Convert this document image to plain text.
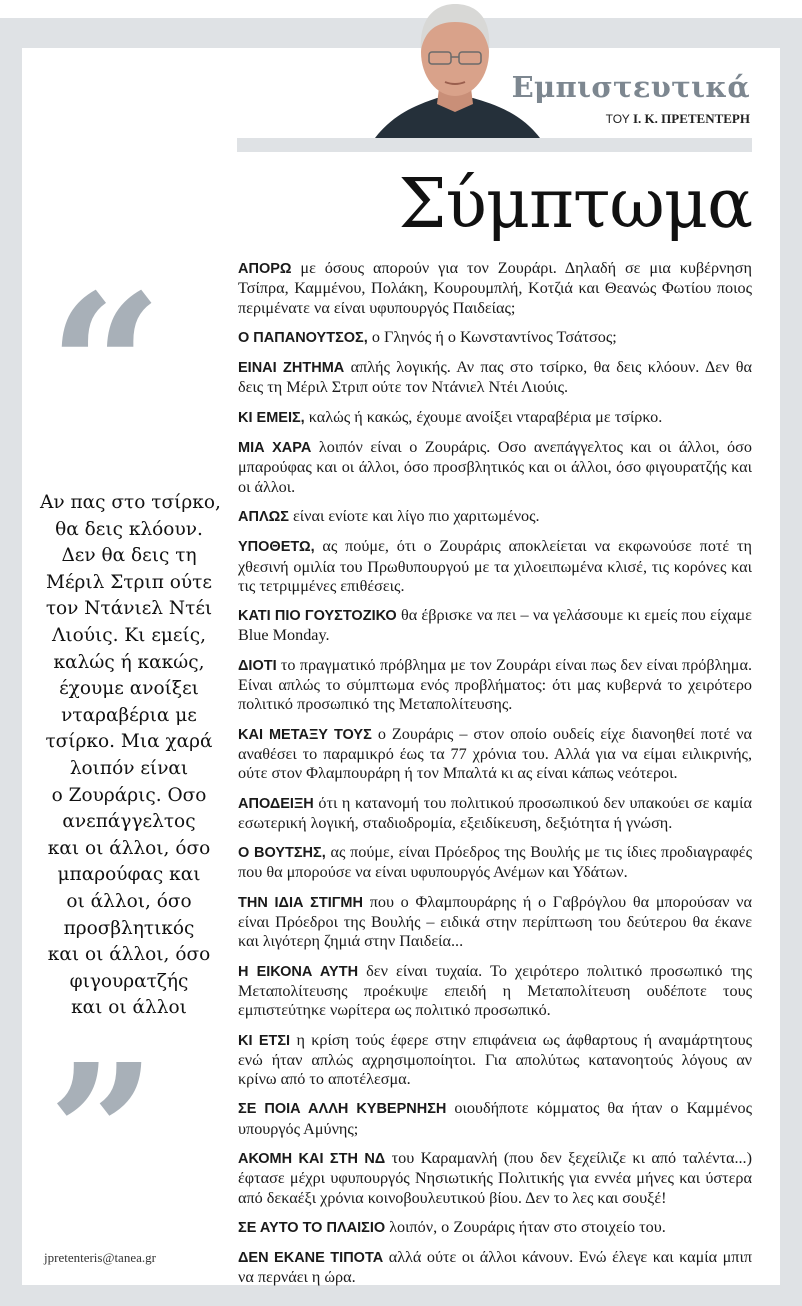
Εμπιστευτικά
ΤΟΥ Ι. Κ. ΠΡΕΤΕΝΤΕΡΗ
Σύμπτωμα

ΑΠΟΡΩ με όσους απορούν για τον Ζουράρι. Δηλαδή σε μια κυβέρνηση Τσίπρα, Καμμένου, Πολάκη, Κουρουμπλή, Κοτζιά και Θεανώς Φωτίου ποιος περιμένατε να είναι υφυπουργός Παιδείας;

Ο ΠΑΠΑΝΟΥΤΣΟΣ, ο Γληνός ή ο Κωνσταντίνος Τσάτσος;

ΕΙΝΑΙ ΖΗΤΗΜΑ απλής λογικής. Αν πας στο τσίρκο, θα δεις κλόουν. Δεν θα δεις τη Μέριλ Στριπ ούτε τον Ντάνιελ Ντέι Λιούις.

ΚΙ ΕΜΕΙΣ, καλώς ή κακώς, έχουμε ανοίξει νταραβέρια με τσίρκο.

ΜΙΑ ΧΑΡΑ λοιπόν είναι ο Ζουράρις. Οσο ανεπάγγελτος και οι άλλοι, όσο μπαρούφας και οι άλλοι, όσο προσβλητικός και οι άλλοι, όσο φιγουρατζής και οι άλλοι.

ΑΠΛΩΣ είναι ενίοτε και λίγο πιο χαριτωμένος.

ΥΠΟΘΕΤΩ, ας πούμε, ότι ο Ζουράρις αποκλείεται να εκφωνούσε ποτέ τη χθεσινή ομιλία του Πρωθυπουργού με τα χιλοειπωμένα κλισέ, τις κορόνες και τις τετριμμένες επιθέσεις.

ΚΑΤΙ ΠΙΟ ΓΟΥΣΤΟΖΙΚΟ θα έβρισκε να πει – να γελάσουμε κι εμείς που είχαμε Blue Monday.

ΔΙΟΤΙ το πραγματικό πρόβλημα με τον Ζουράρι είναι πως δεν είναι πρόβλημα. Είναι απλώς το σύμπτωμα ενός προβλήματος: ότι μας κυβερνά το χειρότερο πολιτικό προσωπικό της Μεταπολίτευσης.

ΚΑΙ ΜΕΤΑΞΥ ΤΟΥΣ ο Ζουράρις – στον οποίο ουδείς είχε διανοηθεί ποτέ να αναθέσει το παραμικρό έως τα 77 χρόνια του. Αλλά για να είμαι ειλικρινής, ούτε στον Φλαμπουράρη ή τον Μπαλτά κι ας είναι κάπως νεότεροι.

ΑΠΟΔΕΙΞΗ ότι η κατανομή του πολιτικού προσωπικού δεν υπακούει σε καμία εσωτερική λογική, σταδιοδρομία, εξειδίκευση, δεξιότητα ή γνώση.

Ο ΒΟΥΤΣΗΣ, ας πούμε, είναι Πρόεδρος της Βουλής με τις ίδιες προδιαγραφές που θα μπορούσε να είναι υφυπουργός Ανέμων και Υδάτων.

ΤΗΝ ΙΔΙΑ ΣΤΙΓΜΗ που ο Φλαμπουράρης ή ο Γαβρόγλου θα μπορούσαν να είναι Πρόεδροι της Βουλής – ειδικά στην περίπτωση του δεύτερου θα έκανε και λιγότερη ζημιά στην Παιδεία...

Η ΕΙΚΟΝΑ ΑΥΤΗ δεν είναι τυχαία. Το χειρότερο πολιτικό προσωπικό της Μεταπολίτευσης προέκυψε επειδή η Μεταπολίτευση ουδέποτε τους εμπιστεύτηκε νωρίτερα ως πολιτικό προσωπικό.

ΚΙ ΕΤΣΙ η κρίση τούς έφερε στην επιφάνεια ως άφθαρτους ή αναμάρτητους ενώ ήταν απλώς αχρησιμοποίητοι. Για απολύτως κατανοητούς λόγους αν κρίνω από το αποτέλεσμα.

ΣΕ ΠΟΙΑ ΑΛΛΗ ΚΥΒΕΡΝΗΣΗ οιουδήποτε κόμματος θα ήταν ο Καμμένος υπουργός Αμύνης;

ΑΚΟΜΗ ΚΑΙ ΣΤΗ ΝΔ του Καραμανλή (που δεν ξεχείλιζε κι από ταλέντα...) έφτασε μέχρι υφυπουργός Νησιωτικής Πολιτικής για εννέα μήνες και ύστερα από δεκαέξι χρόνια κοινοβουλευτικού βίου. Δεν το λες και σουξέ!

ΣΕ ΑΥΤΟ ΤΟ ΠΛΑΙΣΙΟ λοιπόν, ο Ζουράρις ήταν στο στοιχείο του.

ΔΕΝ ΕΚΑΝΕ ΤΙΠΟΤΑ αλλά ούτε οι άλλοι κάνουν. Ενώ έλεγε και καμία μπιπ να περνάει η ώρα.

“
Αν πας στο τσίρκο,
θα δεις κλόουν.
Δεν θα δεις τη
Μέριλ Στριπ ούτε
τον Ντάνιελ Ντέι
Λιούις. Κι εμείς,
καλώς ή κακώς,
έχουμε ανοίξει
νταραβέρια με
τσίρκο. Μια χαρά
λοιπόν είναι
ο Ζουράρις. Οσο
ανεπάγγελτος
και οι άλλοι, όσο
μπαρούφας και
οι άλλοι, όσο
προσβλητικός
και οι άλλοι, όσο
φιγουρατζής
και οι άλλοι
”
jpretenteris@tanea.gr
